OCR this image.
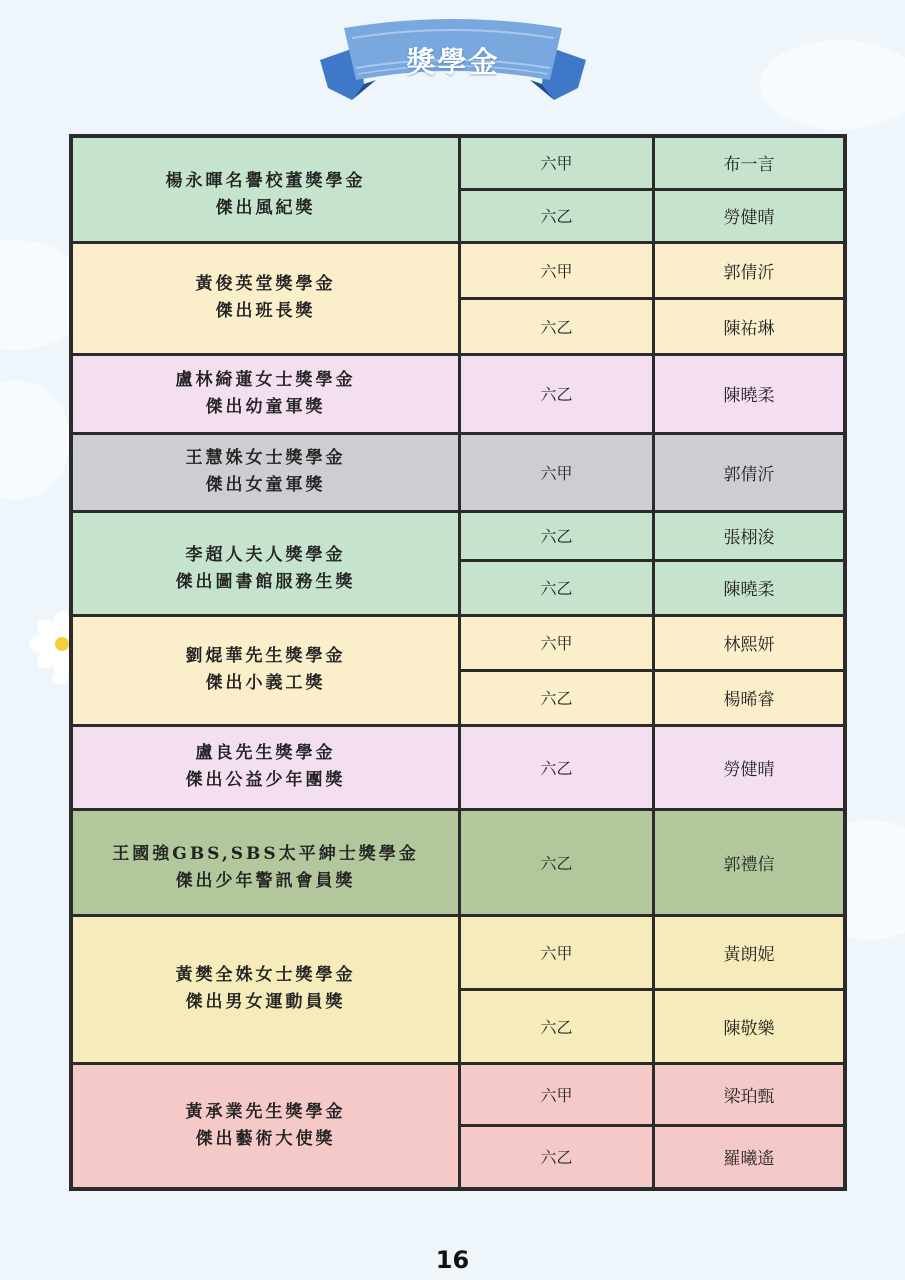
獎學金
楊永暉名譽校董獎學金
傑出風紀獎	六甲	布一言
	六乙	勞健晴

黃俊英堂獎學金
傑出班長獎	六甲	郭倩沂
	六乙	陳祐琳

盧林綺蓮女士獎學金
傑出幼童軍獎	六乙	陳曉柔

王慧姝女士獎學金
傑出女童軍獎	六甲	郭倩沂

李超人夫人獎學金
傑出圖書館服務生獎	六乙	張栩浚
	六乙	陳曉柔

劉焜華先生獎學金
傑出小義工獎	六甲	林熙妍
	六乙	楊晞睿

盧良先生獎學金
傑出公益少年團獎	六乙	勞健晴

王國強GBS,SBS太平紳士獎學金
傑出少年警訊會員獎	六乙	郭禮信

黃樊全姝女士獎學金
傑出男女運動員獎	六甲	黃朗妮
	六乙	陳敬樂

黃承業先生獎學金
傑出藝術大使獎	六甲	梁珀甄
	六乙	羅曦遙
16
